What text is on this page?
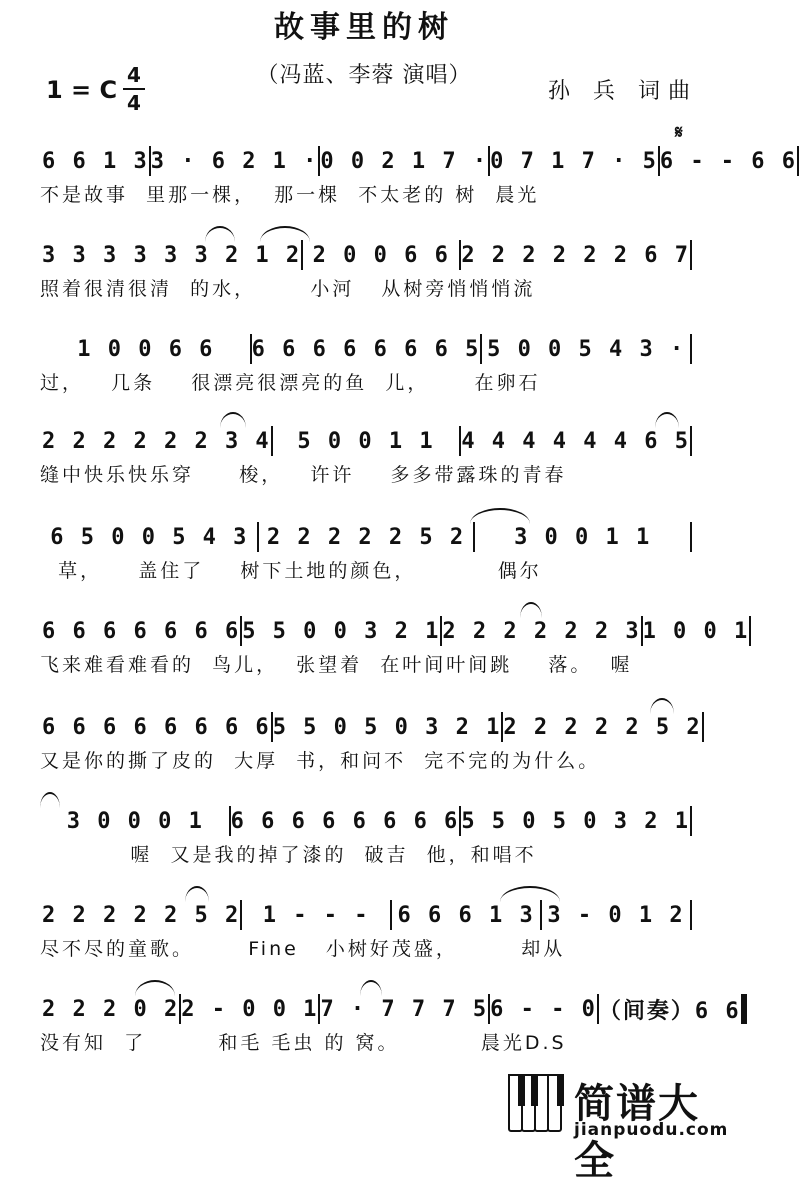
故事里的树
（冯蓝、李蓉 演唱）
1 = C
4
4	孙 兵 词曲
𝄋
6 6 1 3 3 · 6 2 1 · 0 0 2 1 7 · 0 7 1 7 · 5 6 - - 6 6
不是故事  里那一棵，  那一棵  不太老的 树  晨光
3 3 3 3 3 3 2 1 2 2 0 0 6 6 2 2 2 2 2 2 6 7
照着很清很清  的水，      小河   从树旁悄悄悄流
1 0 0 6 6	6 6 6 6 6 6 6 5 5 0 0 5 4 3 ·
过，   几条    很漂亮很漂亮的鱼  儿，     在卵石
2 2 2 2 2 2 3 4	5 0 0 1 1	4 4 4 4 4 4 6 5
缝中快乐快乐穿     梭，   许许    多多带露珠的青春
6 5 0 0 5 4 3 2 2 2 2 2 5 2	3 0 0 1 1
草，    盖住了    树下土地的颜色，         偶尔
6 6 6 6 6 6 6 5 5 0 0 3 2 1 2 2 2 2 2 2 3 1 0 0 1
飞来难看难看的  鸟儿，  张望着  在叶间叶间跳    落。  喔
6 6 6 6 6 6 6 6 5 5 0 5 0 3 2 1 2 2 2 2 2 5 2
又是你的撕了皮的  大厚  书，和问不  完不完的为什么。
3 0 0 0 1	6 6 6 6 6 6 6 6 5 5 0 5 0 3 2 1
喔  又是我的掉了漆的  破吉  他，和唱不
2 2 2 2 2 5 2	1 - - -	6 6 6 1 3 3 - 0 1 2
尽不尽的童歌。      Fine   小树好茂盛，       却从
2 2 2 0 2 2 - 0 0 1 7 · 7 7 7 5 6 - - 0 （间奏）6 6
没有知  了        和毛 毛虫 的 窝。         晨光D.S
简谱大全
jianpuodu.com
